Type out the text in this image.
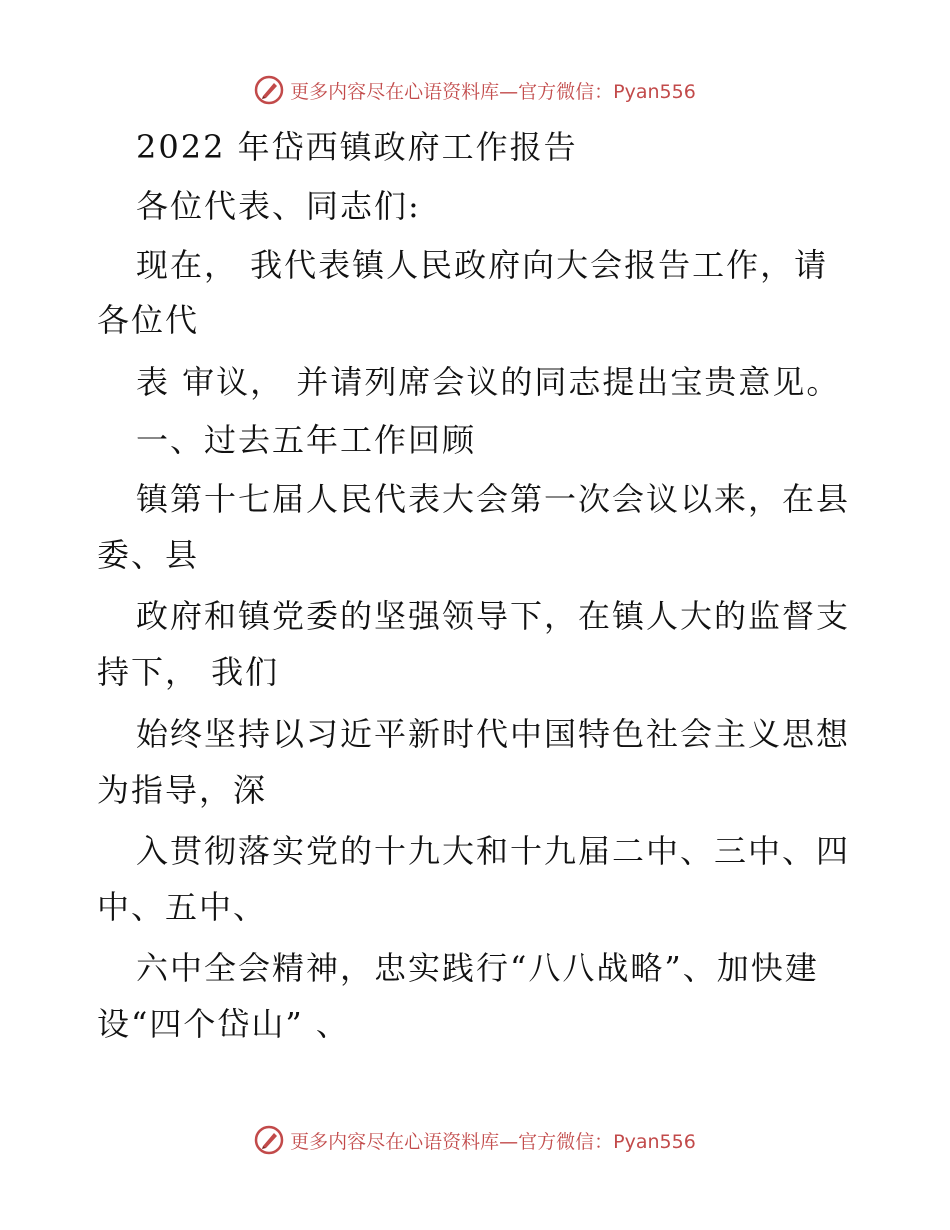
更多内容尽在心语资料库—官方微信：Pyan556
2022 年岱西镇政府工作报告
各位代表、同志们:
现在， 我代表镇人民政府向大会报告工作，请
各位代
表 审议， 并请列席会议的同志提出宝贵意见。
一、过去五年工作回顾
镇第十七届人民代表大会第一次会议以来，在县
委、县
政府和镇党委的坚强领导下，在镇人大的监督支
持下， 我们
始终坚持以习近平新时代中国特色社会主义思想
为指导，深
入贯彻落实党的十九大和十九届二中、三中、四
中、五中、
六中全会精神，忠实践行“八八战略”、加快建
设“四个岱山” 、
更多内容尽在心语资料库—官方微信：Pyan556
